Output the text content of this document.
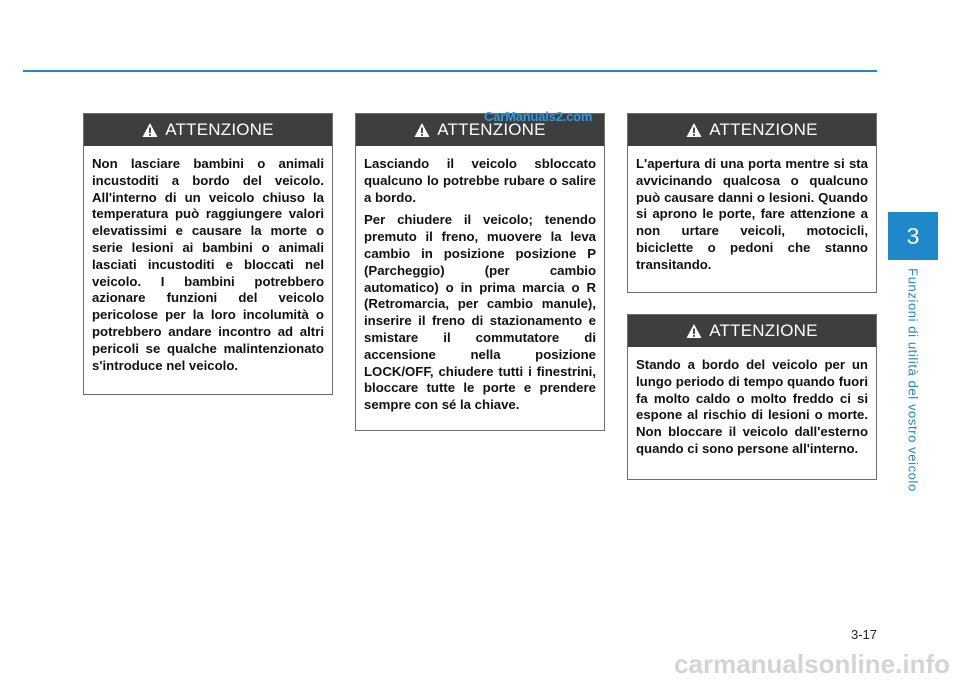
3
Funzioni di utilità del vostro veicolo
ATTENZIONE

Non lasciare bambini o animali incustoditi a bordo del veicolo. All'interno di un veicolo chiuso la temperatura può raggiungere valori elevatissimi e causare la morte o serie lesioni ai bambini o animali lasciati incustoditi e bloccati nel veicolo. I bambini potrebbero azionare funzioni del veicolo pericolose per la loro incolumità o potrebbero andare incontro ad altri pericoli se qualche malintenzionato s'introduce nel veicolo.

ATTENZIONE

Lasciando il veicolo sbloccato qualcuno lo potrebbe rubare o salire a bordo.

Per chiudere il veicolo; tenendo premuto il freno, muovere la leva cambio in posizione posizione P (Parcheggio) (per cambio automatico) o in prima marcia o R (Retromarcia, per cambio manule), inserire il freno di stazionamento e smistare il commutatore di accensione nella posizione LOCK/OFF, chiudere tutti i finestrini, bloccare tutte le porte e prendere sempre con sé la chiave.

ATTENZIONE

L'apertura di una porta mentre si sta avvicinando qualcosa o qualcuno può causare danni o lesioni. Quando si aprono le porte, fare attenzione a non urtare veicoli, motocicli, biciclette o pedoni che stanno transitando.

ATTENZIONE

Stando a bordo del veicolo per un lungo periodo di tempo quando fuori fa molto caldo o molto freddo ci si espone al rischio di lesioni o morte. Non bloccare il veicolo dall'esterno quando ci sono persone all'interno.

CarManuals2.com
3-17
carmanualsonline.info
